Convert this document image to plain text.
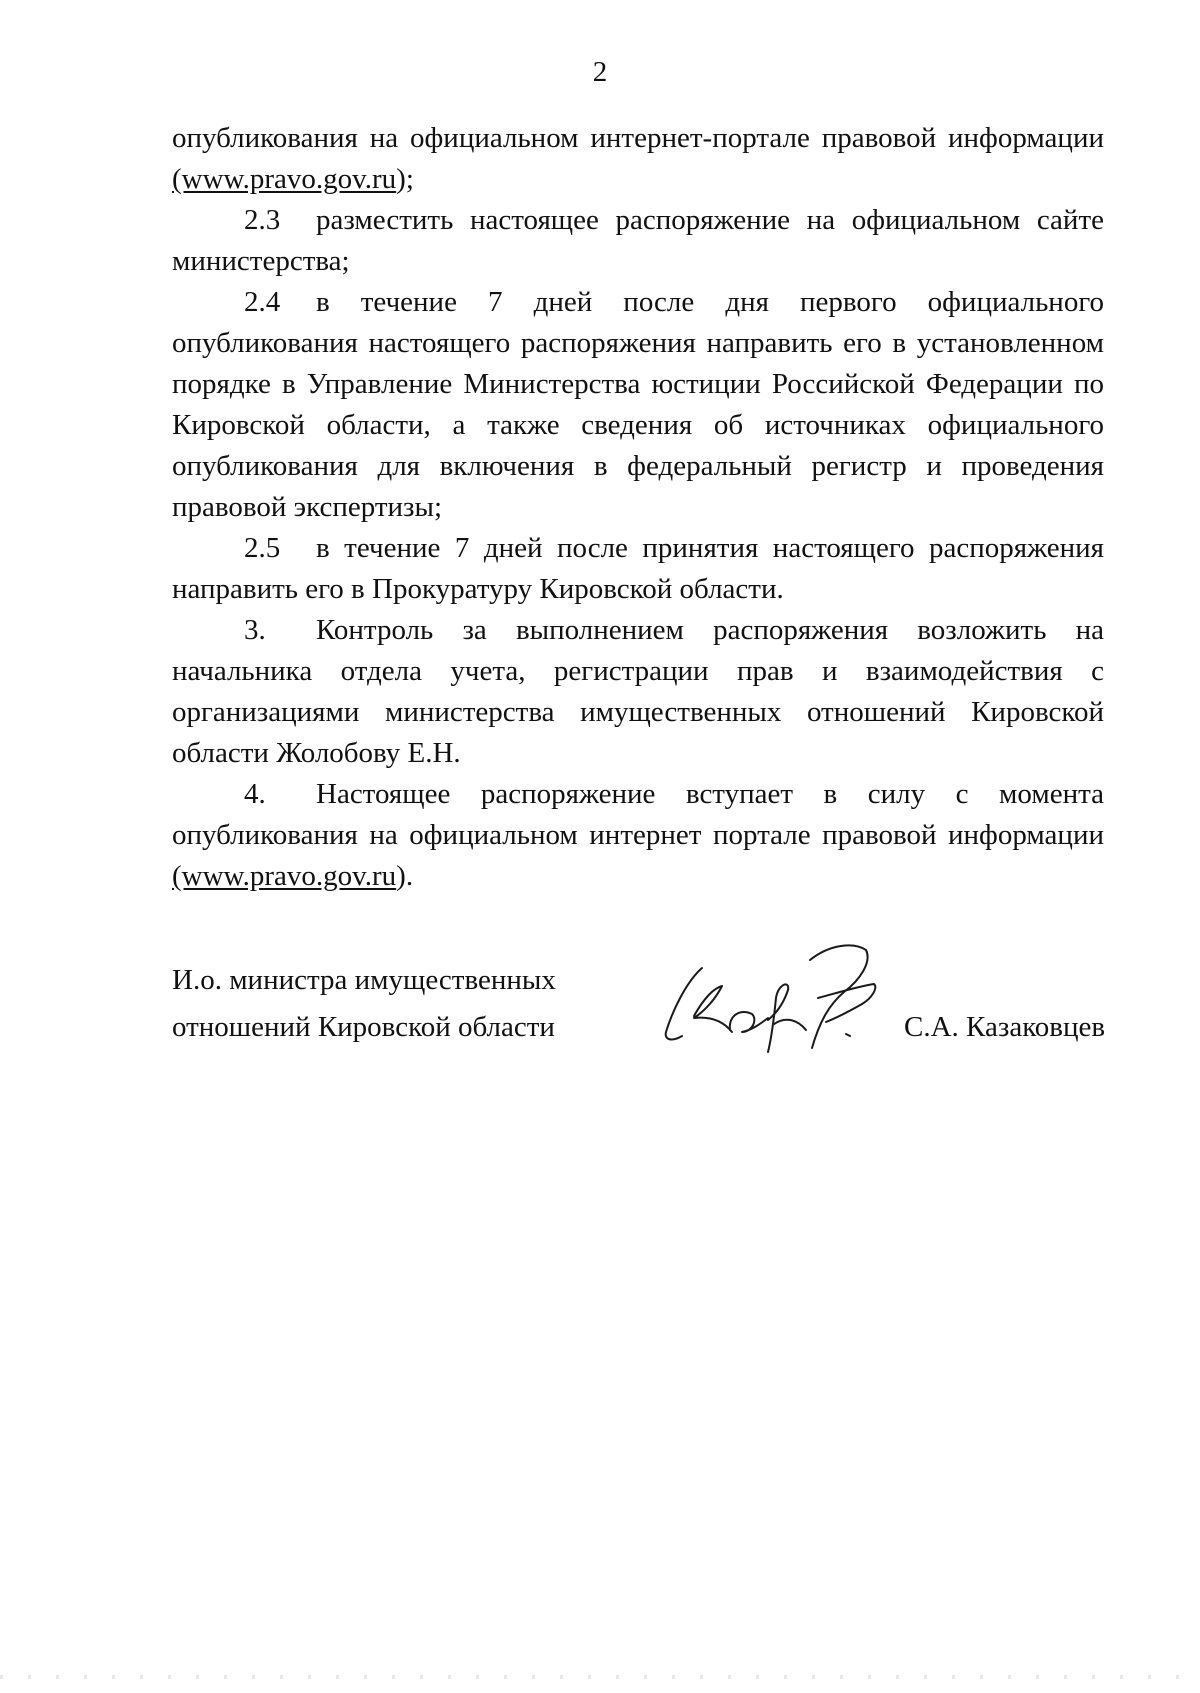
2

опубликования на официальном интернет-портале правовой информации (www.pravo.gov.ru);

2.3 разместить настоящее распоряжение на официальном сайте министерства;

2.4 в течение 7 дней после дня первого официального опубликования настоящего распоряжения направить его в установленном порядке в Управление Министерства юстиции Российской Федерации по Кировской области, а также сведения об источниках официального опубликования для включения в федеральный регистр и проведения правовой экспертизы;

2.5 в течение 7 дней после принятия настоящего распоряжения направить его в Прокуратуру Кировской области.

3. Контроль за выполнением распоряжения возложить на начальника отдела учета, регистрации прав и взаимодействия с организациями министерства имущественных отношений Кировской области Жолобову Е.Н.

4. Настоящее распоряжение вступает в силу с момента опубликования на официальном интернет портале правовой информации (www.pravo.gov.ru).

И.о. министра имущественных
отношений Кировской области	С.А. Казаковцев
